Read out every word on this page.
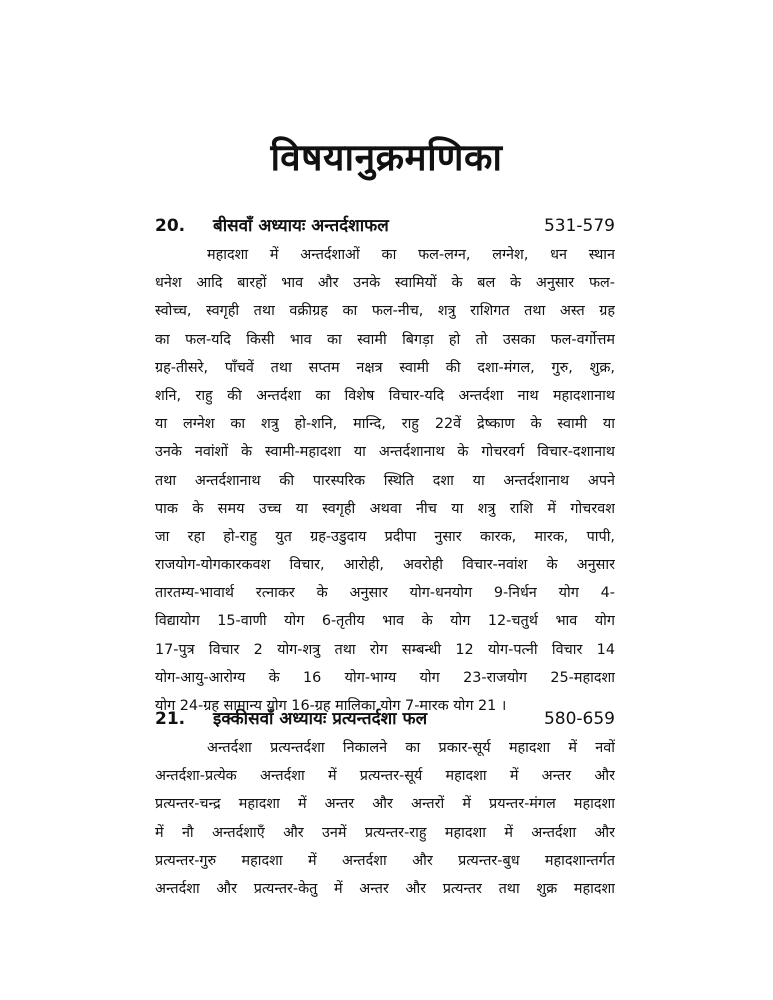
विषयानुक्रमणिका
20. बीसवाँ अध्यायः अन्तर्दशाफल	531-579
महादशा में अन्तर्दशाओं का फल-लग्न, लग्नेश, धन स्थान
धनेश आदि बारहों भाव और उनके स्वामियों के बल के अनुसार फल-
स्वोच्च, स्वगृही तथा वक्रीग्रह का फल-नीच, शत्रु राशिगत तथा अस्त ग्रह
का फल-यदि किसी भाव का स्वामी बिगड़ा हो तो उसका फल-वर्गोत्तम
ग्रह-तीसरे, पाँचवें तथा सप्तम नक्षत्र स्वामी की दशा-मंगल, गुरु, शुक्र,
शनि, राहु की अन्तर्दशा का विशेष विचार-यदि अन्तर्दशा नाथ महादशानाथ
या लग्नेश का शत्रु हो-शनि, मान्दि, राहु 22वें द्रेष्काण के स्वामी या
उनके नवांशों के स्वामी-महादशा या अन्तर्दशानाथ के गोचरवर्ग विचार-दशानाथ
तथा अन्तर्दशानाथ की पारस्परिक स्थिति दशा या अन्तर्दशानाथ अपने
पाक के समय उच्च या स्वगृही अथवा नीच या शत्रु राशि में गोचरवश
जा रहा हो-राहु युत ग्रह-उडुदाय प्रदीपा नुसार कारक, मारक, पापी,
राजयोग-योगकारकवश विचार, आरोही, अवरोही विचार-नवांश के अनुसार
तारतम्य-भावार्थ रत्नाकर के अनुसार योग-धनयोग 9-निर्धन योग 4-
विद्यायोग 15-वाणी योग 6-तृतीय भाव के योग 12-चतुर्थ भाव योग
17-पुत्र विचार 2 योग-शत्रु तथा रोग सम्बन्धी 12 योग-पत्नी विचार 14
योग-आयु-आरोग्य के 16 योग-भाग्य योग 23-राजयोग 25-महादशा
योग 24-ग्रह सामान्य योग 16-ग्रह मालिका योग 7-मारक योग 21 ।
21. इक्कीसवाँ अध्यायः प्रत्यन्तर्दशा फल	580-659
अन्तर्दशा प्रत्यन्तर्दशा निकालने का प्रकार-सूर्य महादशा में नवों
अन्तर्दशा-प्रत्येक अन्तर्दशा में प्रत्यन्तर-सूर्य महादशा में अन्तर और
प्रत्यन्तर-चन्द्र महादशा में अन्तर और अन्तरों में प्रयन्तर-मंगल महादशा
में नौ अन्तर्दशाएँ और उनमें प्रत्यन्तर-राहु महादशा में अन्तर्दशा और
प्रत्यन्तर-गुरु महादशा में अन्तर्दशा और प्रत्यन्तर-बुध महादशान्तर्गत
अन्तर्दशा और प्रत्यन्तर-केतु में अन्तर और प्रत्यन्तर तथा शुक्र महादशा
